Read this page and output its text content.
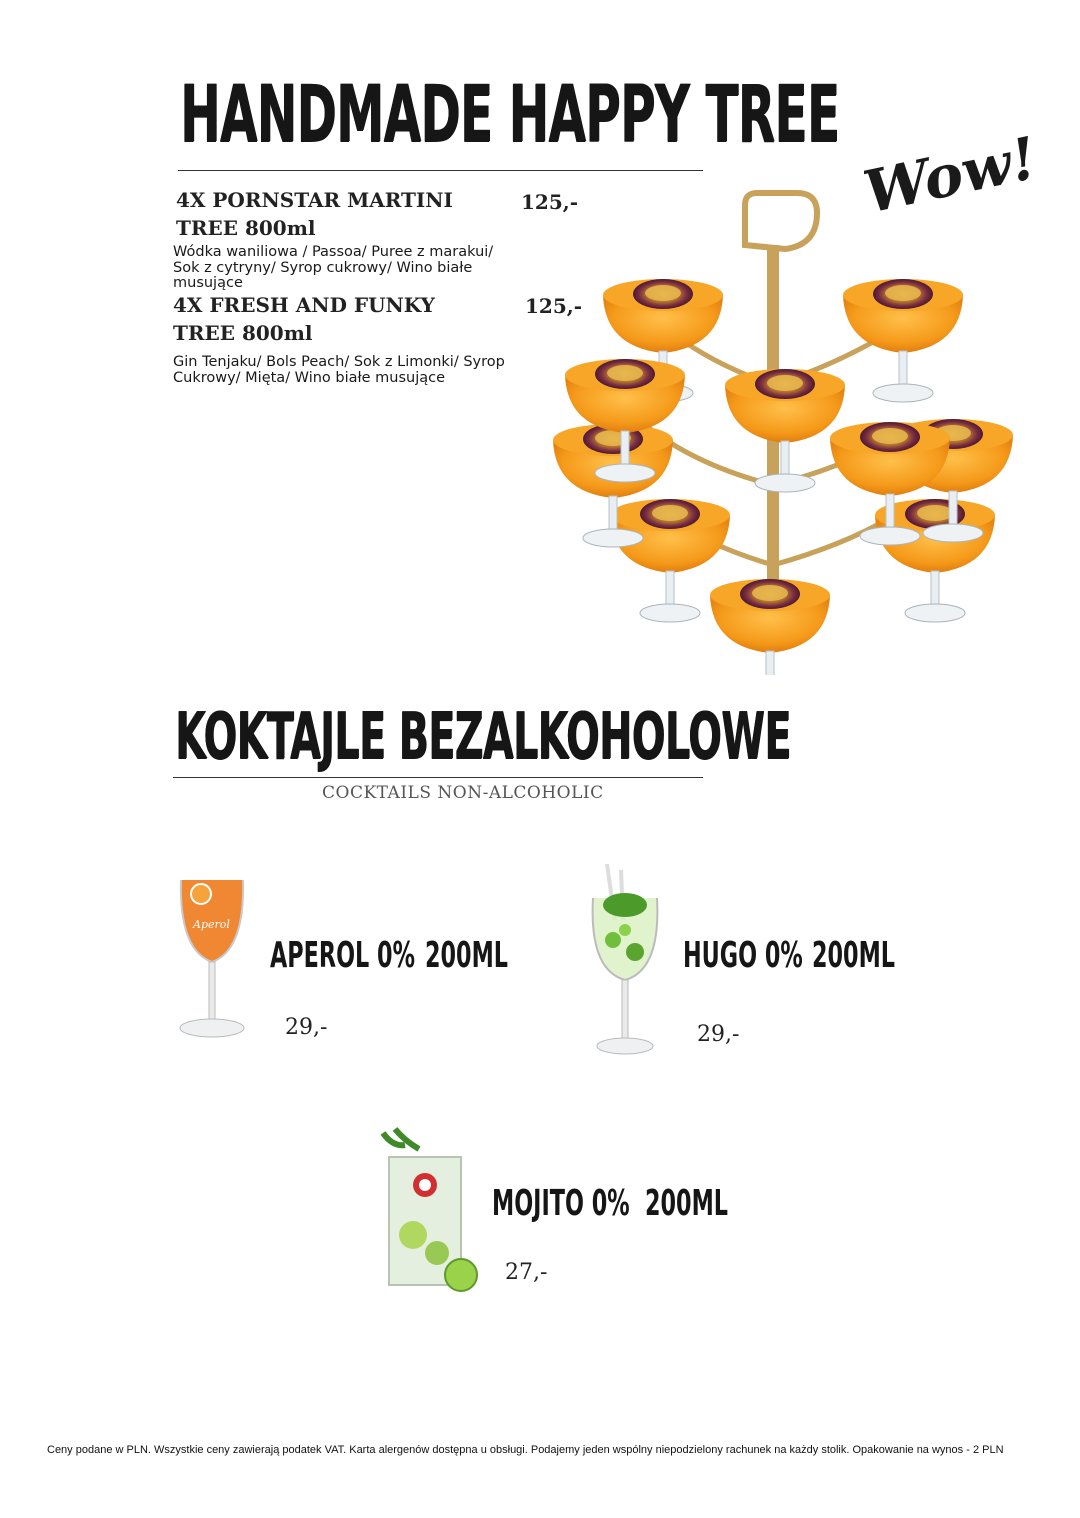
HANDMADE HAPPY TREE
Wow!
4X PORNSTAR MARTINI	125,-
TREE 800ml
Wódka waniliowa / Passoa/ Puree z marakui/
Sok z cytryny/ Syrop cukrowy/ Wino białe
musujące
4X FRESH AND FUNKY	125,-
TREE 800ml
Gin Tenjaku/ Bols Peach/ Sok z Limonki/ Syrop
Cukrowy/ Mięta/ Wino białe musujące
KOKTAJLE BEZALKOHOLOWE
COCKTAILS NON-ALCOHOLIC
Aperol
APEROL 0% 200ML
29,-
HUGO 0% 200ML
29,-
MOJITO 0% 200ML
27,-
Ceny podane w PLN. Wszystkie ceny zawierają podatek VAT. Karta alergenów dostępna u obsługi. Podajemy jeden wspólny niepodzielony rachunek na każdy stolik. Opakowanie na wynos - 2 PLN
